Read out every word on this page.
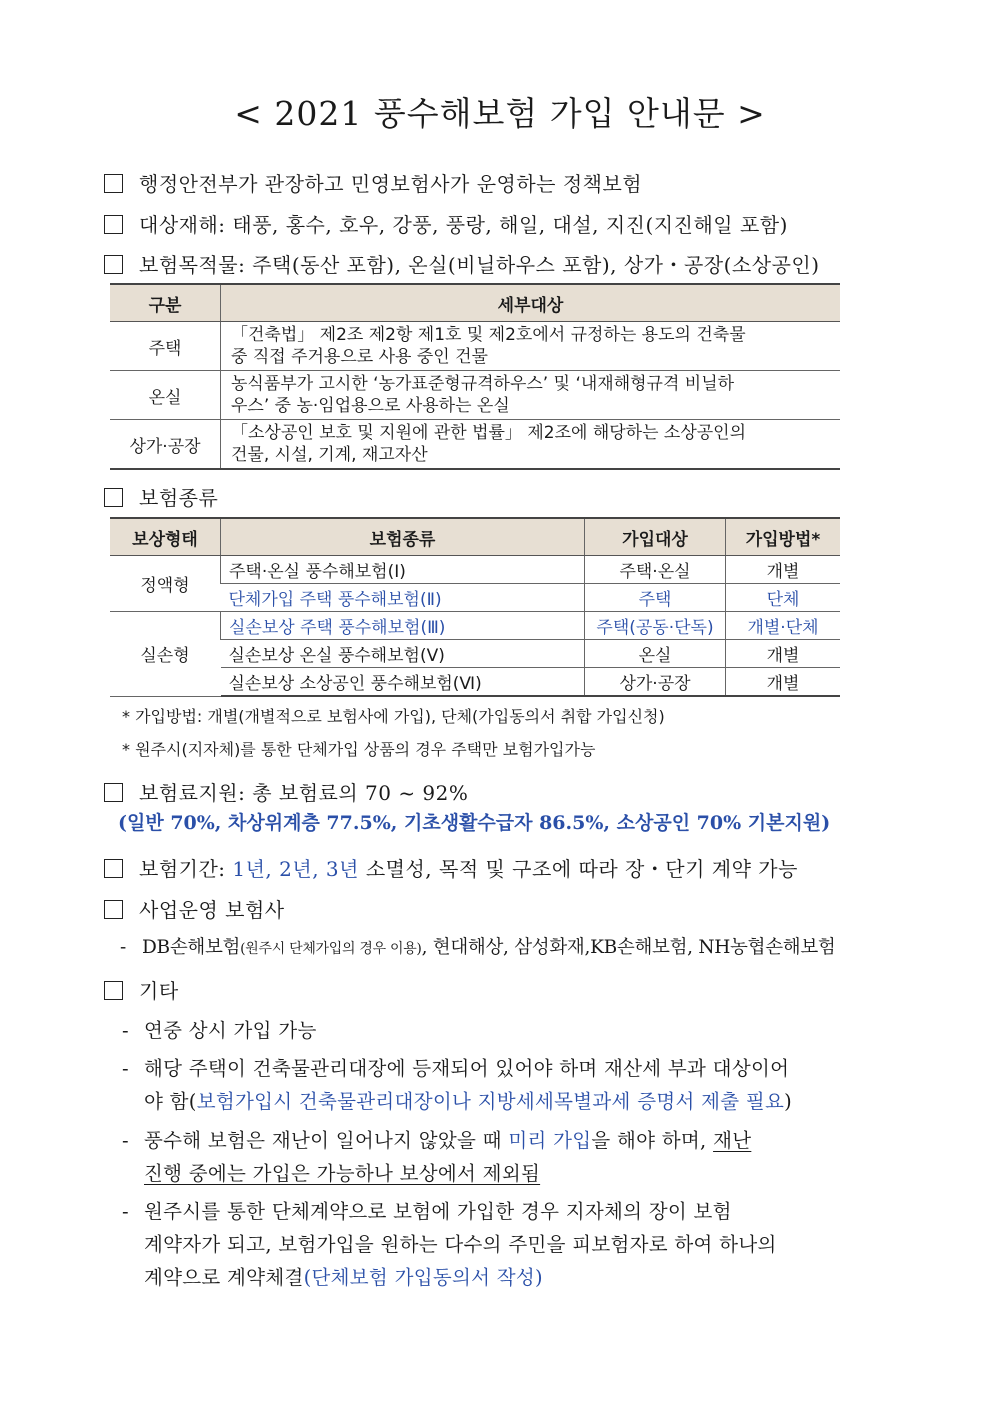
< 2021 풍수해보험 가입 안내문 >
행정안전부가 관장하고 민영보험사가 운영하는 정책보험
대상재해: 태풍, 홍수, 호우, 강풍, 풍랑, 해일, 대설, 지진(지진해일 포함)
보험목적물: 주택(동산 포함), 온실(비닐하우스 포함), 상가・공장(소상공인)
구분	세부대상
주택	「건축법」 제2조 제2항 제1호 및 제2호에서 규정하는 용도의 건축물
중 직접 주거용으로 사용 중인 건물

온실	농식품부가 고시한 ‘농가표준형규격하우스’ 및 ‘내재해형규격 비닐하
우스’ 중 농·임업용으로 사용하는 온실

상가·공장	「소상공인 보호 및 지원에 관한 법률」 제2조에 해당하는 소상공인의
건물, 시설, 기계, 재고자산
보험종류
보상형태	보험종류	가입대상	가입방법*
정액형	주택·온실 풍수해보험(Ⅰ)	주택·온실	개별
	단체가입 주택 풍수해보험(Ⅱ)	주택	단체
실손형	실손보상 주택 풍수해보험(Ⅲ)	주택(공동·단독)	개별·단체
	실손보상 온실 풍수해보험(Ⅴ)	온실	개별
	실손보상 소상공인 풍수해보험(Ⅵ)	상가·공장	개별
* 가입방법: 개별(개별적으로 보험사에 가입), 단체(가입동의서 취합 가입신청)
* 원주시(지자체)를 통한 단체가입 상품의 경우 주택만 보험가입가능
보험료지원: 총 보험료의 70 ~ 92%
(일반 70%, 차상위계층 77.5%, 기초생활수급자 86.5%, 소상공인 70% 기본지원)
보험기간: 1년, 2년, 3년 소멸성, 목적 및 구조에 따라 장・단기 계약 가능
사업운영 보험사
- DB손해보험(원주시 단체가입의 경우 이용), 현대해상, 삼성화재,KB손해보험, NH농협손해보험
기타
- 연중 상시 가입 가능
- 해당 주택이 건축물관리대장에 등재되어 있어야 하며 재산세 부과 대상이어
야 함(보험가입시 건축물관리대장이나 지방세세목별과세 증명서 제출 필요)
- 풍수해 보험은 재난이 일어나지 않았을 때 미리 가입을 해야 하며, 재난
진행 중에는 가입은 가능하나 보상에서 제외됨
- 원주시를 통한 단체계약으로 보험에 가입한 경우 지자체의 장이 보험
계약자가 되고, 보험가입을 원하는 다수의 주민을 피보험자로 하여 하나의
계약으로 계약체결(단체보험 가입동의서 작성)
